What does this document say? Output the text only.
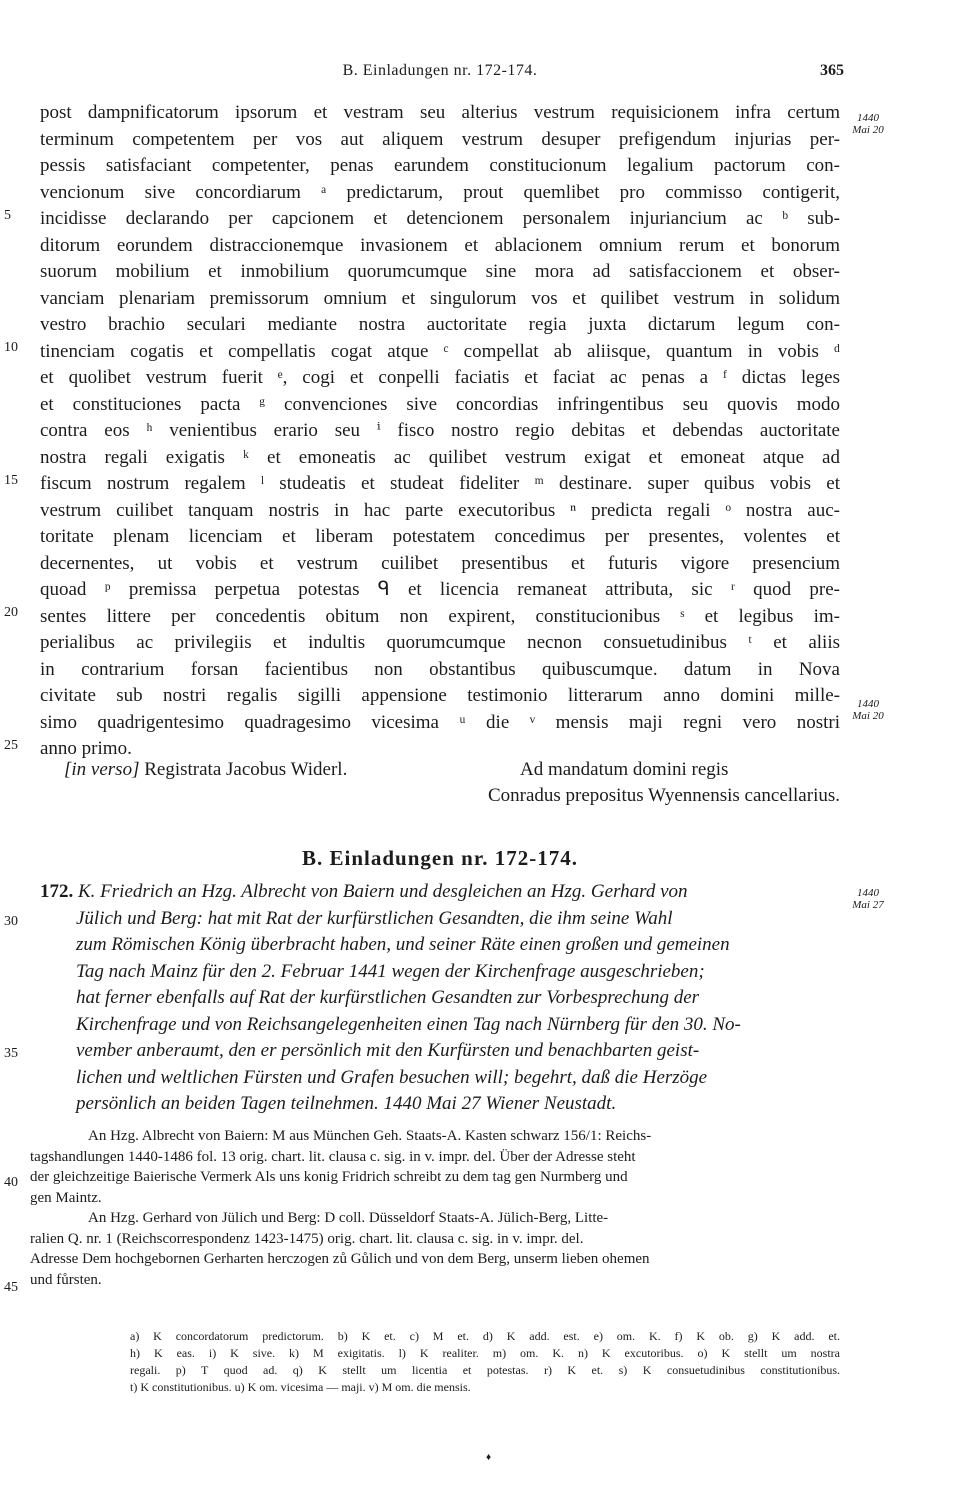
B. Einladungen nr. 172-174.	365
post dampnificatorum ipsorum et vestram seu alterius vestrum requisicionem infra certum
terminum competentem per vos aut aliquem vestrum desuper prefigendum injurias per-
pessis satisfaciant competenter, penas earundem constitucionum legalium pactorum con-
vencionum sive concordiarum ᵃ predictarum, prout quemlibet pro commisso contigerit,
incidisse declarando per capcionem et detencionem personalem injuriancium ac ᵇ sub-
ditorum eorundem distraccionemque invasionem et ablacionem omnium rerum et bonorum
suorum mobilium et inmobilium quorumcumque sine mora ad satisfaccionem et obser-
vanciam plenariam premissorum omnium et singulorum vos et quilibet vestrum in solidum
vestro brachio seculari mediante nostra auctoritate regia juxta dictarum legum con-
tinenciam cogatis et compellatis cogat atque ᶜ compellat ab aliisque, quantum in vobis ᵈ
et quolibet vestrum fuerit ᵉ, cogi et conpelli faciatis et faciat ac penas a ᶠ dictas leges
et constituciones pacta ᵍ convenciones sive concordias infringentibus seu quovis modo
contra eos ʰ venientibus erario seu ⁱ fisco nostro regio debitas et debendas auctoritate
nostra regali exigatis ᵏ et emoneatis ac quilibet vestrum exigat et emoneat atque ad
fiscum nostrum regalem ˡ studeatis et studeat fideliter ᵐ destinare. super quibus vobis et
vestrum cuilibet tanquam nostris in hac parte executoribus ⁿ predicta regali ᵒ nostra auc-
toritate plenam licenciam et liberam potestatem concedimus per presentes, volentes et
decernentes, ut vobis et vestrum cuilibet presentibus et futuris vigore presencium
quoad ᵖ premissa perpetua potestas ᑫ et licencia remaneat attributa, sic ʳ quod pre-
sentes littere per concedentis obitum non expirent, constitucionibus ˢ et legibus im-
perialibus ac privilegiis et indultis quorumcumque necnon consuetudinibus ᵗ et aliis
in contrarium forsan facientibus non obstantibus quibuscumque. datum in Nova
civitate sub nostri regalis sigilli appensione testimonio litterarum anno domini mille-
simo quadrigentesimo quadragesimo vicesima ᵘ die ᵛ mensis maji regni vero nostri
anno primo.
5
10
15
20
25
1440
Mai 20
1440
Mai 20
[in verso] Registrata Jacobus Widerl.	Ad mandatum domini regis
Conradus prepositus Wyennensis cancellarius.
B. Einladungen nr. 172-174.
172. K. Friedrich an Hzg. Albrecht von Baiern und desgleichen an Hzg. Gerhard von
Jülich und Berg: hat mit Rat der kurfürstlichen Gesandten, die ihm seine Wahl
zum Römischen König überbracht haben, und seiner Räte einen großen und gemeinen
Tag nach Mainz für den 2. Februar 1441 wegen der Kirchenfrage ausgeschrieben;
hat ferner ebenfalls auf Rat der kurfürstlichen Gesandten zur Vorbesprechung der
Kirchenfrage und von Reichsangelegenheiten einen Tag nach Nürnberg für den 30. No-
vember anberaumt, den er persönlich mit den Kurfürsten und benachbarten geist-
lichen und weltlichen Fürsten und Grafen besuchen will; begehrt, daß die Herzöge
persönlich an beiden Tagen teilnehmen. 1440 Mai 27 Wiener Neustadt.
30
35
1440
Mai 27
An Hzg. Albrecht von Baiern: M aus München Geh. Staats-A. Kasten schwarz 156/1: Reichs-
tagshandlungen 1440-1486 fol. 13 orig. chart. lit. clausa c. sig. in v. impr. del. Über der Adresse steht
der gleichzeitige Baierische Vermerk Als uns konig Fridrich schreibt zu dem tag gen Nurmberg und
gen Maintz.
An Hzg. Gerhard von Jülich und Berg: D coll. Düsseldorf Staats-A. Jülich-Berg, Litte-
ralien Q. nr. 1 (Reichscorrespondenz 1423-1475) orig. chart. lit. clausa c. sig. in v. impr. del.
Adresse Dem hochgebornen Gerharten herczogen zů Gůlich und von dem Berg, unserm lieben ohemen
und fůrsten.
40
45
a) K concordatorum predictorum. b) K et. c) M et. d) K add. est. e) om. K. f) K ob. g) K add. et.
h) K eas. i) K sive. k) M exigitatis. l) K realiter. m) om. K. n) K excutoribus. o) K stellt um nostra
regali. p) T quod ad. q) K stellt um licentia et potestas. r) K et. s) K consuetudinibus constitutionibus.
t) K constitutionibus. u) K om. vicesima — maji. v) M om. die mensis.
♦
